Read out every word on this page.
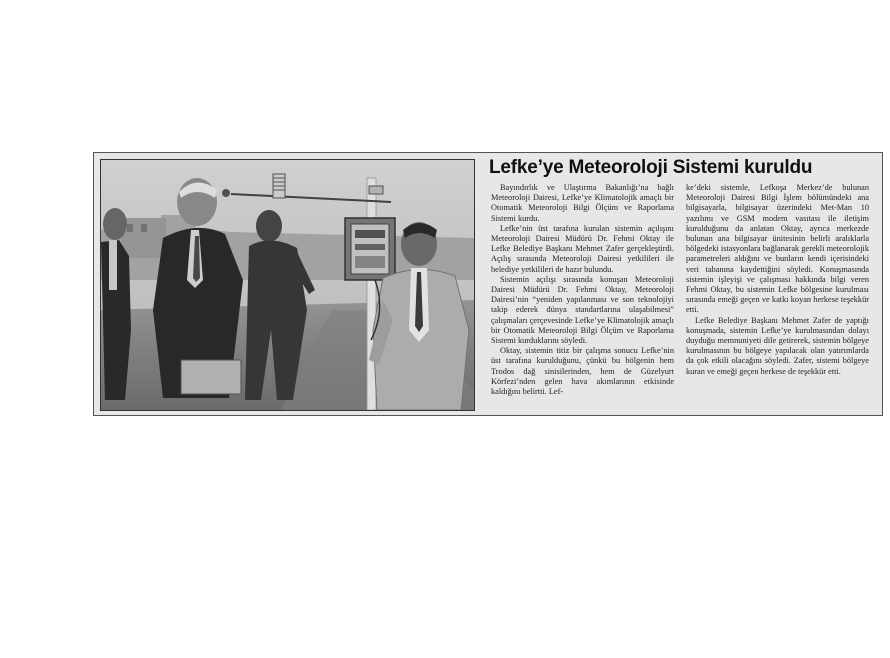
Lefke’ye Meteoroloji Sistemi kuruldu

Bayındırlık ve Ulaştırma Bakanlığı’na bağlı Meteoroloji Dairesi, Lefke’ye Klimatolojik amaçlı bir Otomatik Meteoroloji Bilgi Ölçüm ve Raporlama Sistemi kurdu.

Lefke’nin üst tarafına kurulan sistemin açılışını Meteoroloji Dairesi Müdürü Dr. Fehmi Oktay ile Lefke Belediye Başkanı Mehmet Zafer gerçekleştirdi. Açılış sırasında Meteoroloji Dairesi yetkilileri ile belediye yetkilileri de hazır bulundu.

Sistemin açılışı sırasında konuşan Meteoroloji Dairesi Müdürü Dr. Fehmi Oktay, Meteoroloji Dairesi’nin “yeniden yapılanması ve son teknolojiyi takip ederek dünya standartlarına ulaşabilmesi” çalışmaları çerçevesinde Lefke’ye Klimatolojik amaçlı bir Otomatik Meteoroloji Bilgi Ölçüm ve Raporlama Sistemi kurduklarını söyledi.

Oktay, sistemin titiz bir çalışma sonucu Lefke’nin üst tarafına kurulduğunu, çünkü bu bölgenin hem Trodos dağ sinisilerinden, hem de Güzelyurt Körfezi’nden gelen hava akımlarının etkisinde kaldığını belirtti. Lef-

ke’deki sistemle, Lefkoşa Merkez’de bulunan Meteoroloji Dairesi Bilgi İşlem bölümündeki ana bilgisayarla, bilgisayar üzerindeki Met-Man 10 yazılımı ve GSM modem vasıtası ile iletişim kurulduğunu da anlatan Oktay, ayrıca merkezde bulunan ana bilgisayar ünitesinin belirli aralıklarla bölgedeki istasyonlara bağlanarak gerekli meteorolojik parametreleri aldığını ve bunların kendi içerisindeki veri tabanına kaydettiğini söyledi. Konuşmasında sistemin işleyişi ve çalışması hakkında bilgi veren Fehmi Oktay, bu sistemin Lefke bölgesine kurulması sırasında emeği geçen ve katkı koyan herkese teşekkür etti.

Lefke Belediye Başkanı Mehmet Zafer de yaptığı konuşmada, sistemin Lefke’ye kurulmasından dolayı duyduğu memnuniyeti dile getirerek, sistemin bölgeye kurulmasının bu bölgeye yapılacak olan yatırımlarda da çok etkili olacağını söyledi. Zafer, sistemi bölgeye kuran ve emeği geçen herkese de teşekkür etti.
